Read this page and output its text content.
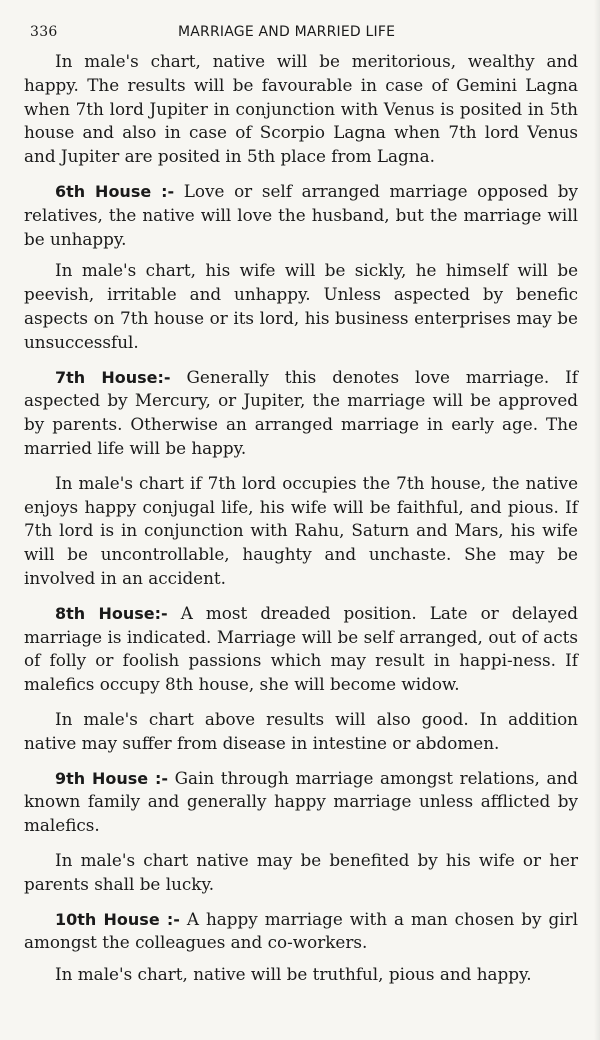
336	MARRIAGE AND MARRIED LIFE

In male's chart, native will be meritorious, wealthy and happy. The results will be favourable in case of Gemini Lagna when 7th lord Jupiter in conjunction with Venus is posited in 5th house and also in case of Scorpio Lagna when 7th lord Venus and Jupiter are posited in 5th place from Lagna.

6th House :- Love or self arranged marriage opposed by relatives, the native will love the husband, but the marriage will be unhappy.

In male's chart, his wife will be sickly, he himself will be peevish, irritable and unhappy. Unless aspected by benefic aspects on 7th house or its lord, his business enterprises may be unsuccessful.

7th House:- Generally this denotes love marriage. If aspected by Mercury, or Jupiter, the marriage will be approved by parents. Otherwise an arranged marriage in early age. The married life will be happy.

In male's chart if 7th lord occupies the 7th house, the native enjoys happy conjugal life, his wife will be faithful, and pious. If 7th lord is in conjunction with Rahu, Saturn and Mars, his wife will be uncontrollable, haughty and unchaste. She may be involved in an accident.

8th House:- A most dreaded position. Late or delayed marriage is indicated. Marriage will be self arranged, out of acts of folly or foolish passions which may result in happi-ness. If malefics occupy 8th house, she will become widow.

In male's chart above results will also good. In addition native may suffer from disease in intestine or abdomen.

9th House :- Gain through marriage amongst relations, and known family and generally happy marriage unless afflicted by malefics.

In male's chart native may be benefited by his wife or her parents shall be lucky.

10th House :- A happy marriage with a man chosen by girl amongst the colleagues and co-workers.

In male's chart, native will be truthful, pious and happy.
